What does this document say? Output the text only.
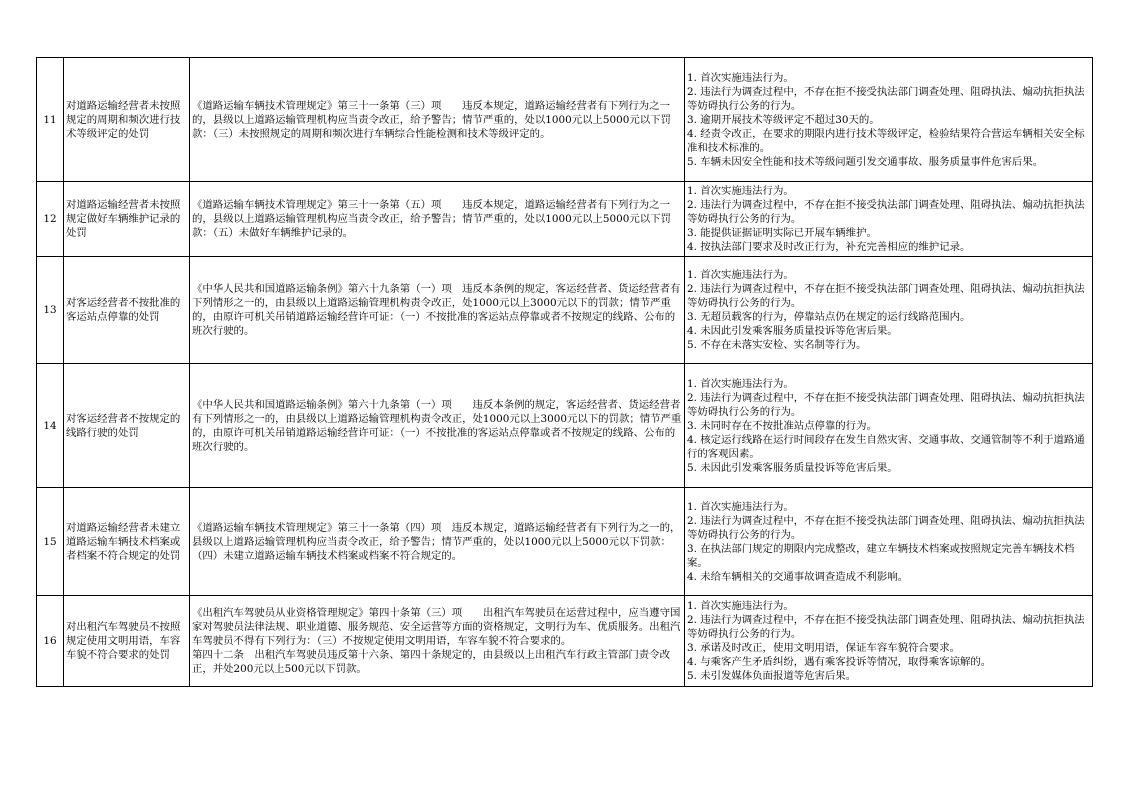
11	对道路运输经营者未按照规定的周期和频次进行技术等级评定的处罚	《道路运输车辆技术管理规定》第三十一条第（三）项　　违反本规定，道路运输经营者有下列行为之一的，县级以上道路运输管理机构应当责令改正，给予警告；情节严重的，处以1000元以上5000元以下罚款：（三）未按照规定的周期和频次进行车辆综合性能检测和技术等级评定的。	1. 首次实施违法行为。
2. 违法行为调查过程中，不存在拒不接受执法部门调查处理、阻碍执法、煽动抗拒执法等妨碍执行公务的行为。
3. 逾期开展技术等级评定不超过30天的。
4. 经责令改正，在要求的期限内进行技术等级评定，检验结果符合营运车辆相关安全标准和技术标准的。
5. 车辆未因安全性能和技术等级问题引发交通事故、服务质量事件危害后果。

12	对道路运输经营者未按照规定做好车辆维护记录的处罚	《道路运输车辆技术管理规定》第三十一条第（五）项　　违反本规定，道路运输经营者有下列行为之一的，县级以上道路运输管理机构应当责令改正，给予警告；情节严重的，处以1000元以上5000元以下罚款：（五）未做好车辆维护记录的。	1. 首次实施违法行为。
2. 违法行为调查过程中，不存在拒不接受执法部门调查处理、阻碍执法、煽动抗拒执法等妨碍执行公务的行为。
3. 能提供证据证明实际已开展车辆维护。
4. 按执法部门要求及时改正行为，补充完善相应的维护记录。

13	对客运经营者不按批准的客运站点停靠的处罚	《中华人民共和国道路运输条例》第六十九条第（一）项　违反本条例的规定，客运经营者、货运经营者有下列情形之一的，由县级以上道路运输管理机构责令改正，处1000元以上3000元以下的罚款；情节严重的，由原许可机关吊销道路运输经营许可证：（一）不按批准的客运站点停靠或者不按规定的线路、公布的班次行驶的。	1. 首次实施违法行为。
2. 违法行为调查过程中，不存在拒不接受执法部门调查处理、阻碍执法、煽动抗拒执法等妨碍执行公务的行为。
3. 无超员载客的行为，停靠站点仍在规定的运行线路范围内。
4. 未因此引发乘客服务质量投诉等危害后果。
5. 不存在未落实安检、实名制等行为。

14	对客运经营者不按规定的线路行驶的处罚	《中华人民共和国道路运输条例》第六十九条第（一）项　　违反本条例的规定，客运经营者、货运经营者有下列情形之一的，由县级以上道路运输管理机构责令改正，处1000元以上3000元以下的罚款；情节严重的，由原许可机关吊销道路运输经营许可证：（一）不按批准的客运站点停靠或者不按规定的线路、公布的班次行驶的。	1. 首次实施违法行为。
2. 违法行为调查过程中，不存在拒不接受执法部门调查处理、阻碍执法、煽动抗拒执法等妨碍执行公务的行为。
3. 未同时存在不按批准站点停靠的行为。
4. 核定运行线路在运行时间段存在发生自然灾害、交通事故、交通管制等不利于道路通行的客观因素。
5. 未因此引发乘客服务质量投诉等危害后果。

15	对道路运输经营者未建立道路运输车辆技术档案或者档案不符合规定的处罚	《道路运输车辆技术管理规定》第三十一条第（四）项　违反本规定，道路运输经营者有下列行为之一的，县级以上道路运输管理机构应当责令改正，给予警告；情节严重的，处以1000元以上5000元以下罚款：（四）未建立道路运输车辆技术档案或档案不符合规定的。	1. 首次实施违法行为。
2. 违法行为调查过程中，不存在拒不接受执法部门调查处理、阻碍执法、煽动抗拒执法等妨碍执行公务的行为。
3. 在执法部门规定的期限内完成整改，建立车辆技术档案或按照规定完善车辆技术档案。
4. 未给车辆相关的交通事故调查造成不利影响。

16	对出租汽车驾驶员不按照规定使用文明用语，车容车貌不符合要求的处罚	《出租汽车驾驶员从业资格管理规定》第四十条第（三）项　　出租汽车驾驶员在运营过程中，应当遵守国家对驾驶员法律法规、职业道德、服务规范、安全运营等方面的资格规定，文明行为车、优质服务。出租汽车驾驶员不得有下列行为：（三）不按规定使用文明用语，车容车貌不符合要求的。
第四十二条　出租汽车驾驶员违反第十六条、第四十条规定的，由县级以上出租汽车行政主管部门责令改正，并处200元以上500元以下罚款。	1. 首次实施违法行为。
2. 违法行为调查过程中，不存在拒不接受执法部门调查处理、阻碍执法、煽动抗拒执法等妨碍执行公务的行为。
3. 承诺及时改正，使用文明用语，保证车容车貌符合要求。
4. 与乘客产生矛盾纠纷，遇有乘客投诉等情况，取得乘客谅解的。
5. 未引发媒体负面报道等危害后果。
